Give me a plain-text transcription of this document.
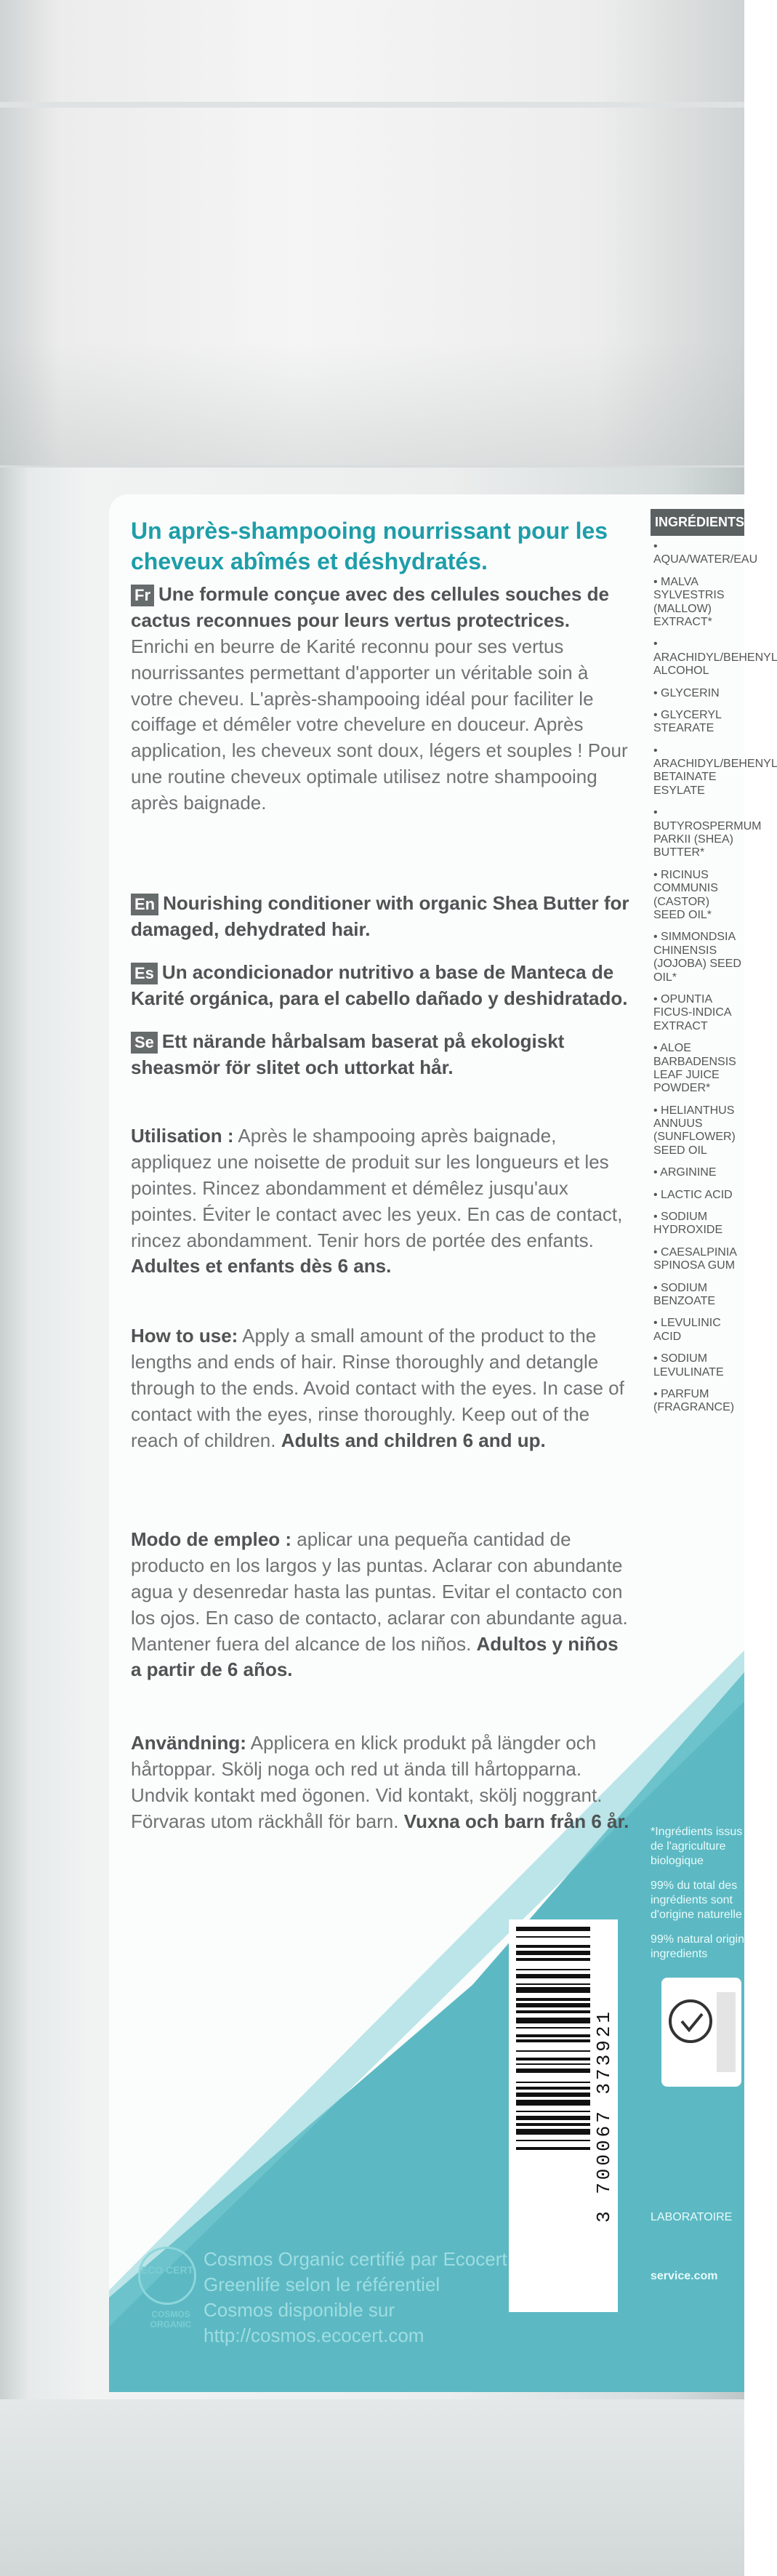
Un après-shampooing nourrissant pour les cheveux abîmés et déshydratés.
Fr Une formule conçue avec des cellules souches de cactus reconnues pour leurs vertus protectrices. Enrichi en beurre de Karité reconnu pour ses vertus nourrissantes permettant d'apporter un véritable soin à votre cheveu. L'après-shampooing idéal pour faciliter le coiffage et démêler votre chevelure en douceur. Après application, les cheveux sont doux, légers et souples ! Pour une routine cheveux optimale utilisez notre shampooing après baignade.
En Nourishing conditioner with organic Shea Butter for damaged, dehydrated hair.
Es Un acondicionador nutritivo a base de Manteca de Karité orgánica, para el cabello dañado y deshidratado.
Se Ett närande hårbalsam baserat på ekologiskt sheasmör för slitet och uttorkat hår.
Utilisation : Après le shampooing après baignade, appliquez une noisette de produit sur les longueurs et les pointes. Rincez abondamment et démêlez jusqu'aux pointes. Éviter le contact avec les yeux. En cas de contact, rincez abondamment. Tenir hors de portée des enfants. Adultes et enfants dès 6 ans.
How to use: Apply a small amount of the product to the lengths and ends of hair. Rinse thoroughly and detangle through to the ends. Avoid contact with the eyes. In case of contact with the eyes, rinse thoroughly. Keep out of the reach of children. Adults and children 6 and up.
Modo de empleo : aplicar una pequeña cantidad de producto en los largos y las puntas. Aclarar con abundante agua y desenredar hasta las puntas. Evitar el contacto con los ojos. En caso de contacto, aclarar con abundante agua. Mantener fuera del alcance de los niños. Adultos y niños a partir de 6 años.
Användning: Applicera en klick produkt på längder och hårtoppar. Skölj noga och red ut ända till hårtopparna. Undvik kontakt med ögonen. Vid kontakt, skölj noggrant. Förvaras utom räckhåll för barn. Vuxna och barn från 6 år.
INGRÉDIENTS
• AQUA/WATER/EAU
• MALVA SYLVESTRIS (MALLOW) EXTRACT*
• ARACHIDYL/BEHENYL ALCOHOL
• GLYCERIN
• GLYCERYL STEARATE
• ARACHIDYL/BEHENYL BETAINATE ESYLATE
• BUTYROSPERMUM PARKII (SHEA) BUTTER*
• RICINUS COMMUNIS (CASTOR) SEED OIL*
• SIMMONDSIA CHINENSIS (JOJOBA) SEED OIL*
• OPUNTIA FICUS-INDICA EXTRACT
• ALOE BARBADENSIS LEAF JUICE POWDER*
• HELIANTHUS ANNUUS (SUNFLOWER) SEED OIL
• ARGININE
• LACTIC ACID
• SODIUM HYDROXIDE
• CAESALPINIA SPINOSA GUM
• SODIUM BENZOATE
• LEVULINIC ACID
• SODIUM LEVULINATE
• PARFUM (FRAGRANCE)
*Ingrédients issus de l'agriculture biologique
99% du total des ingrédients sont d'origine naturelle
99% natural origin ingredients
LABORATOIRE
service.com
3 700067 373921
ECO CERT
COSMOS ORGANIC
Cosmos Organic certifié par Ecocert Greenlife selon le référentiel Cosmos disponible sur http://cosmos.ecocert.com
